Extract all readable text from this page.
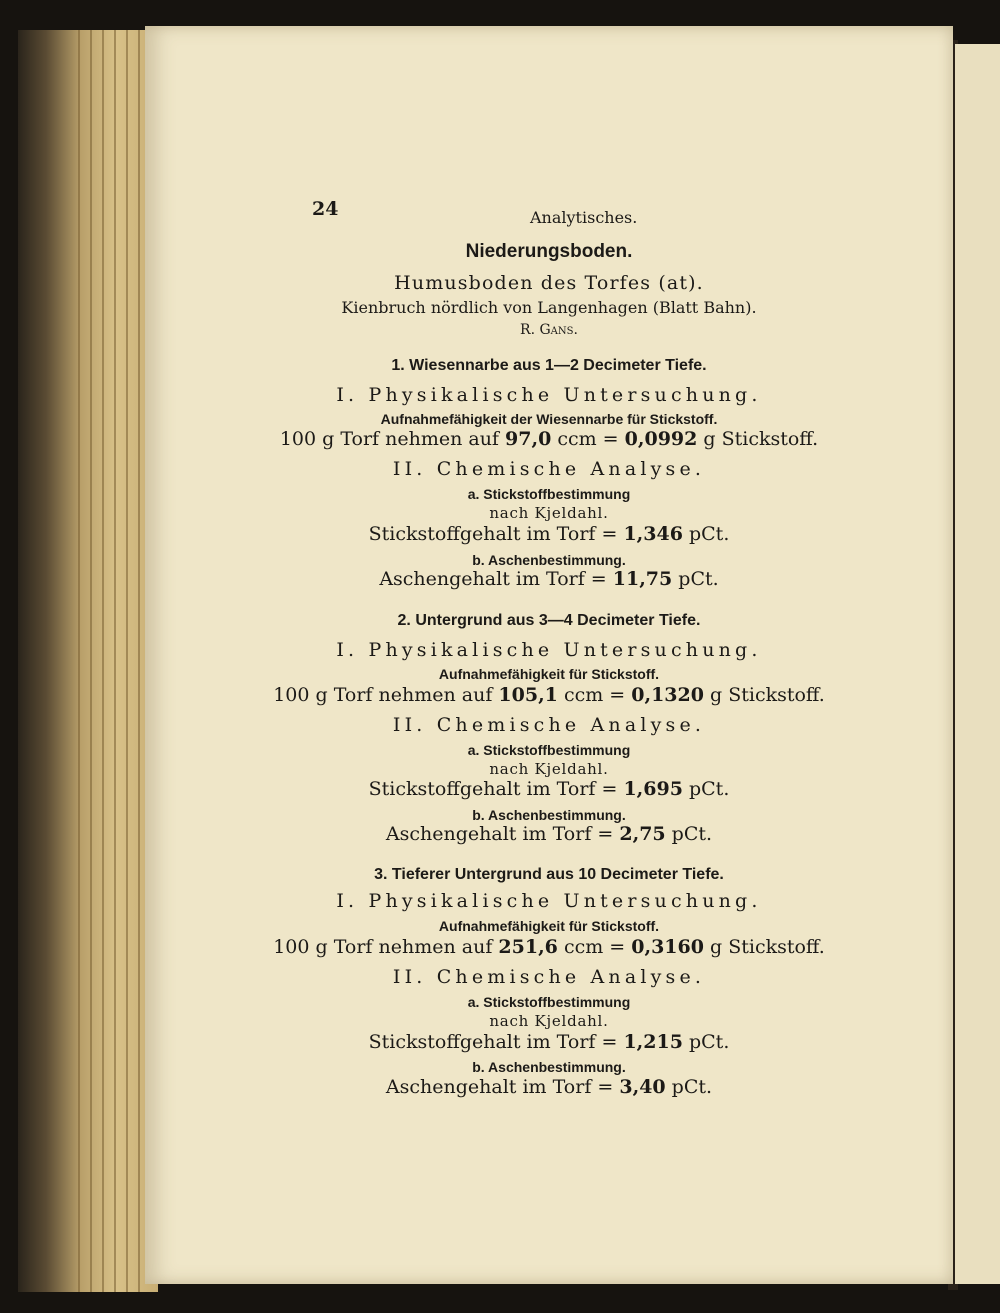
24	Analytisches.
Niederungsboden.
Humusboden des Torfes (at).
Kienbruch nördlich von Langenhagen (Blatt Bahn).
R. Gans.
1. Wiesennarbe aus 1—2 Decimeter Tiefe.
I. Physikalische Untersuchung.
Aufnahmefähigkeit der Wiesennarbe für Stickstoff.
100 g Torf nehmen auf 97,0 ccm = 0,0992 g Stickstoff.
II. Chemische Analyse.
a. Stickstoffbestimmung
nach Kjeldahl.
Stickstoffgehalt im Torf = 1,346 pCt.
b. Aschenbestimmung.
Aschengehalt im Torf = 11,75 pCt.
2. Untergrund aus 3—4 Decimeter Tiefe.
I. Physikalische Untersuchung.
Aufnahmefähigkeit für Stickstoff.
100 g Torf nehmen auf 105,1 ccm = 0,1320 g Stickstoff.
II. Chemische Analyse.
a. Stickstoffbestimmung
nach Kjeldahl.
Stickstoffgehalt im Torf = 1,695 pCt.
b. Aschenbestimmung.
Aschengehalt im Torf = 2,75 pCt.
3. Tieferer Untergrund aus 10 Decimeter Tiefe.
I. Physikalische Untersuchung.
Aufnahmefähigkeit für Stickstoff.
100 g Torf nehmen auf 251,6 ccm = 0,3160 g Stickstoff.
II. Chemische Analyse.
a. Stickstoffbestimmung
nach Kjeldahl.
Stickstoffgehalt im Torf = 1,215 pCt.
b. Aschenbestimmung.
Aschengehalt im Torf = 3,40 pCt.
